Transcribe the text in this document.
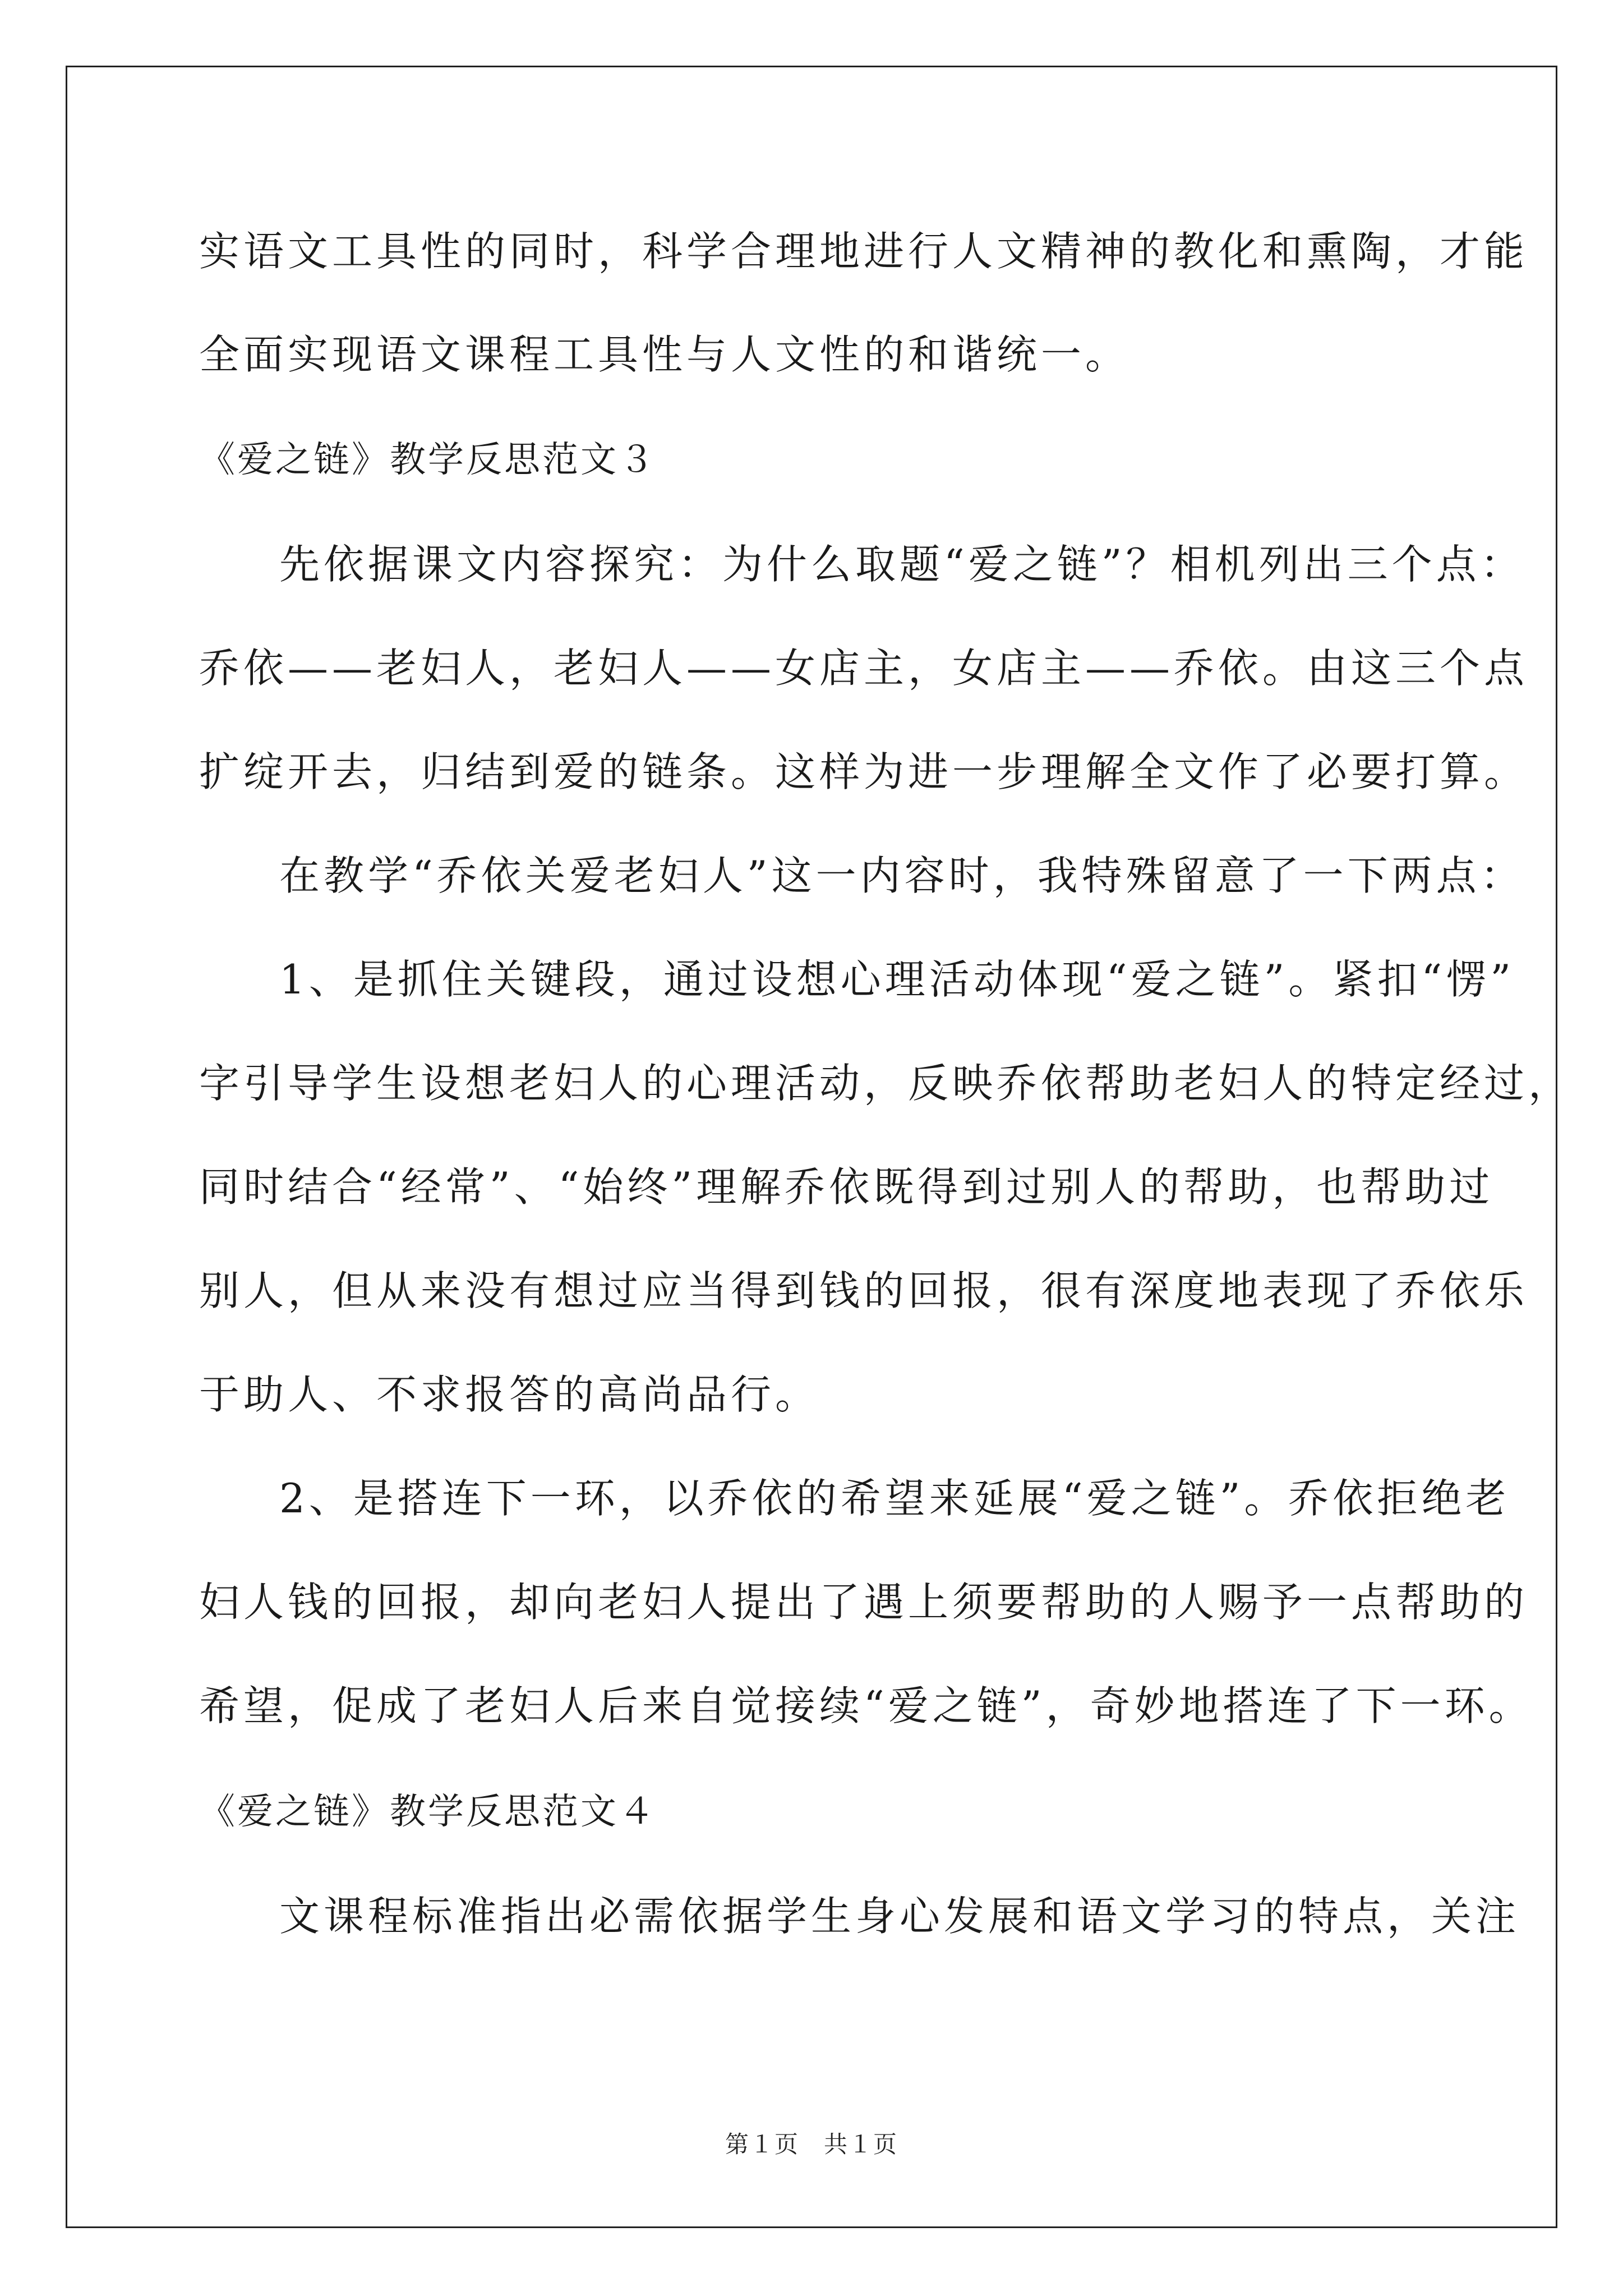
实语文工具性的同时，科学合理地进行人文精神的教化和熏陶，才能
全面实现语文课程工具性与人文性的和谐统一。
《爱之链》教学反思范文３
先依据课文内容探究：为什么取题“爱之链”？相机列出三个点：
乔依——老妇人，老妇人——女店主，女店主——乔依。由这三个点
扩绽开去，归结到爱的链条。这样为进一步理解全文作了必要打算。
在教学“乔依关爱老妇人”这一内容时，我特殊留意了一下两点：
1、是抓住关键段，通过设想心理活动体现“爱之链”。紧扣“愣”
字引导学生设想老妇人的心理活动，反映乔依帮助老妇人的特定经过，
同时结合“经常”、“始终”理解乔依既得到过别人的帮助，也帮助过
别人，但从来没有想过应当得到钱的回报，很有深度地表现了乔依乐
于助人、不求报答的高尚品行。
2、是搭连下一环，以乔依的希望来延展“爱之链”。乔依拒绝老
妇人钱的回报，却向老妇人提出了遇上须要帮助的人赐予一点帮助的
希望，促成了老妇人后来自觉接续“爱之链”，奇妙地搭连了下一环。
《爱之链》教学反思范文４
文课程标准指出必需依据学生身心发展和语文学习的特点，关注
第１页　共１页
